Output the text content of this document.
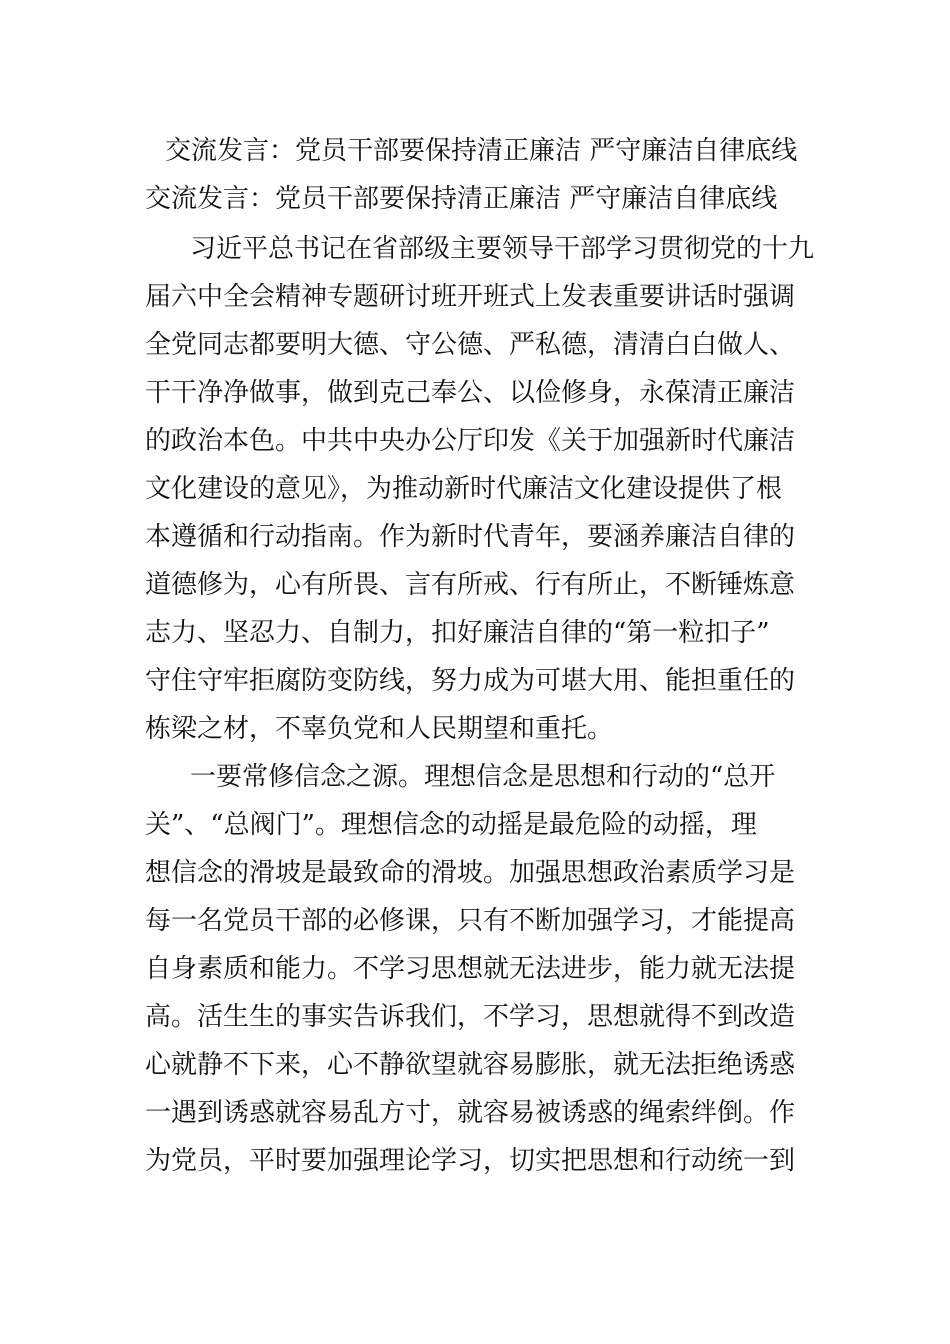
交流发言：党员干部要保持清正廉洁 严守廉洁自律底线
交流发言：党员干部要保持清正廉洁 严守廉洁自律底线
习近平总书记在省部级主要领导干部学习贯彻党的十九
届六中全会精神专题研讨班开班式上发表重要讲话时强调
全党同志都要明大德、守公德、严私德，清清白白做人、
干干净净做事，做到克己奉公、以俭修身，永葆清正廉洁
的政治本色。中共中央办公厅印发《关于加强新时代廉洁
文化建设的意见》，为推动新时代廉洁文化建设提供了根
本遵循和行动指南。作为新时代青年，要涵养廉洁自律的
道德修为，心有所畏、言有所戒、行有所止，不断锤炼意
志力、坚忍力、自制力，扣好廉洁自律的“第一粒扣子”
守住守牢拒腐防变防线，努力成为可堪大用、能担重任的
栋梁之材，不辜负党和人民期望和重托。
一要常修信念之源。理想信念是思想和行动的“总开
关”、“总阀门”。理想信念的动摇是最危险的动摇，理
想信念的滑坡是最致命的滑坡。加强思想政治素质学习是
每一名党员干部的必修课，只有不断加强学习，才能提高
自身素质和能力。不学习思想就无法进步，能力就无法提
高。活生生的事实告诉我们，不学习，思想就得不到改造
心就静不下来，心不静欲望就容易膨胀，就无法拒绝诱惑
一遇到诱惑就容易乱方寸，就容易被诱惑的绳索绊倒。作
为党员，平时要加强理论学习，切实把思想和行动统一到
